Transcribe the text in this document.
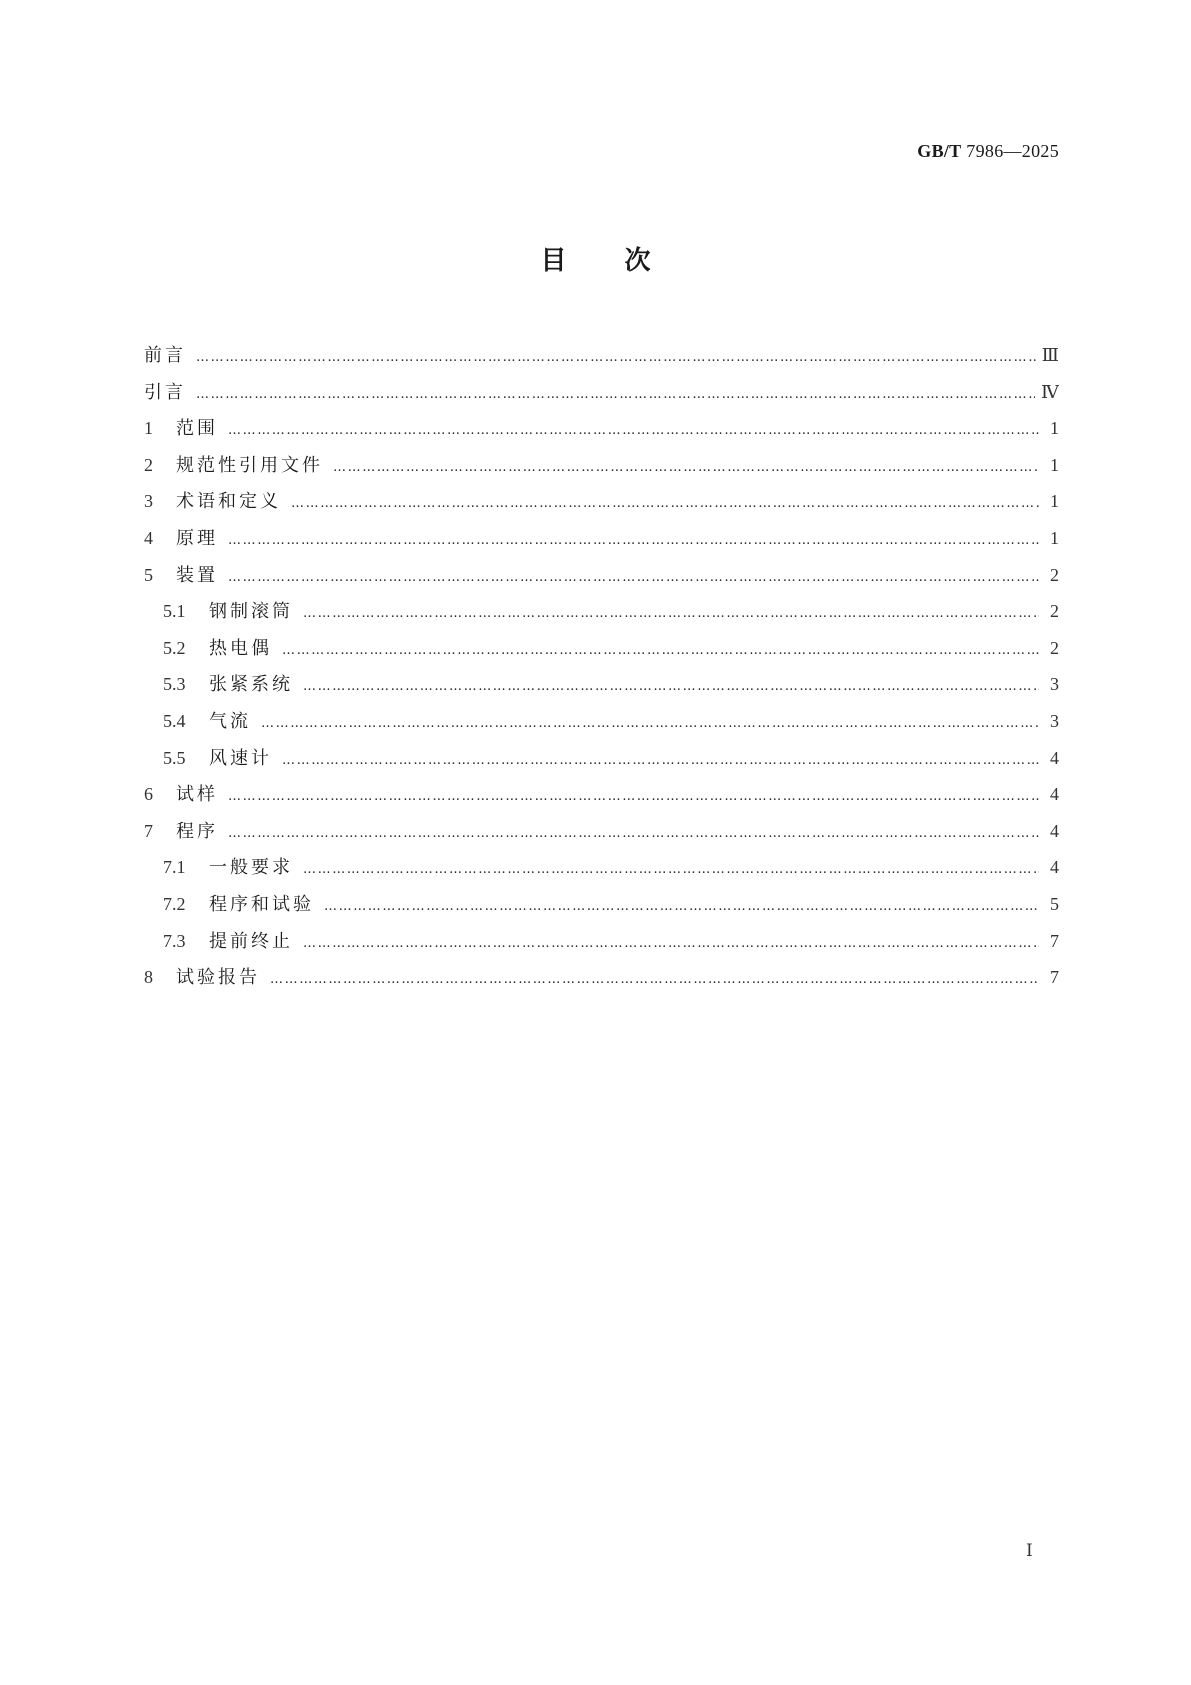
GB/T 7986—2025
目次
前言 ……………………………………………………………………………………………………………………………………………………………………………………………………………………………………	Ⅲ
引言 ……………………………………………………………………………………………………………………………………………………………………………………………………………………………………	Ⅳ
1	范围 ……………………………………………………………………………………………………………………………………………………………………………………………………………………………………	1
2	规范性引用文件 ……………………………………………………………………………………………………………………………………………………………………………………………………………………………………	1
3	术语和定义 ……………………………………………………………………………………………………………………………………………………………………………………………………………………………………	1
4	原理 ……………………………………………………………………………………………………………………………………………………………………………………………………………………………………	1
5	装置 ……………………………………………………………………………………………………………………………………………………………………………………………………………………………………	2
5.1	钢制滚筒 ……………………………………………………………………………………………………………………………………………………………………………………………………………………………………	2
5.2	热电偶 ……………………………………………………………………………………………………………………………………………………………………………………………………………………………………	2
5.3	张紧系统 ……………………………………………………………………………………………………………………………………………………………………………………………………………………………………	3
5.4	气流 ……………………………………………………………………………………………………………………………………………………………………………………………………………………………………	3
5.5	风速计 ……………………………………………………………………………………………………………………………………………………………………………………………………………………………………	4
6	试样 ……………………………………………………………………………………………………………………………………………………………………………………………………………………………………	4
7	程序 ……………………………………………………………………………………………………………………………………………………………………………………………………………………………………	4
7.1	一般要求 ……………………………………………………………………………………………………………………………………………………………………………………………………………………………………	4
7.2	程序和试验 ……………………………………………………………………………………………………………………………………………………………………………………………………………………………………	5
7.3	提前终止 ……………………………………………………………………………………………………………………………………………………………………………………………………………………………………	7
8	试验报告 ……………………………………………………………………………………………………………………………………………………………………………………………………………………………………	7
Ⅰ
